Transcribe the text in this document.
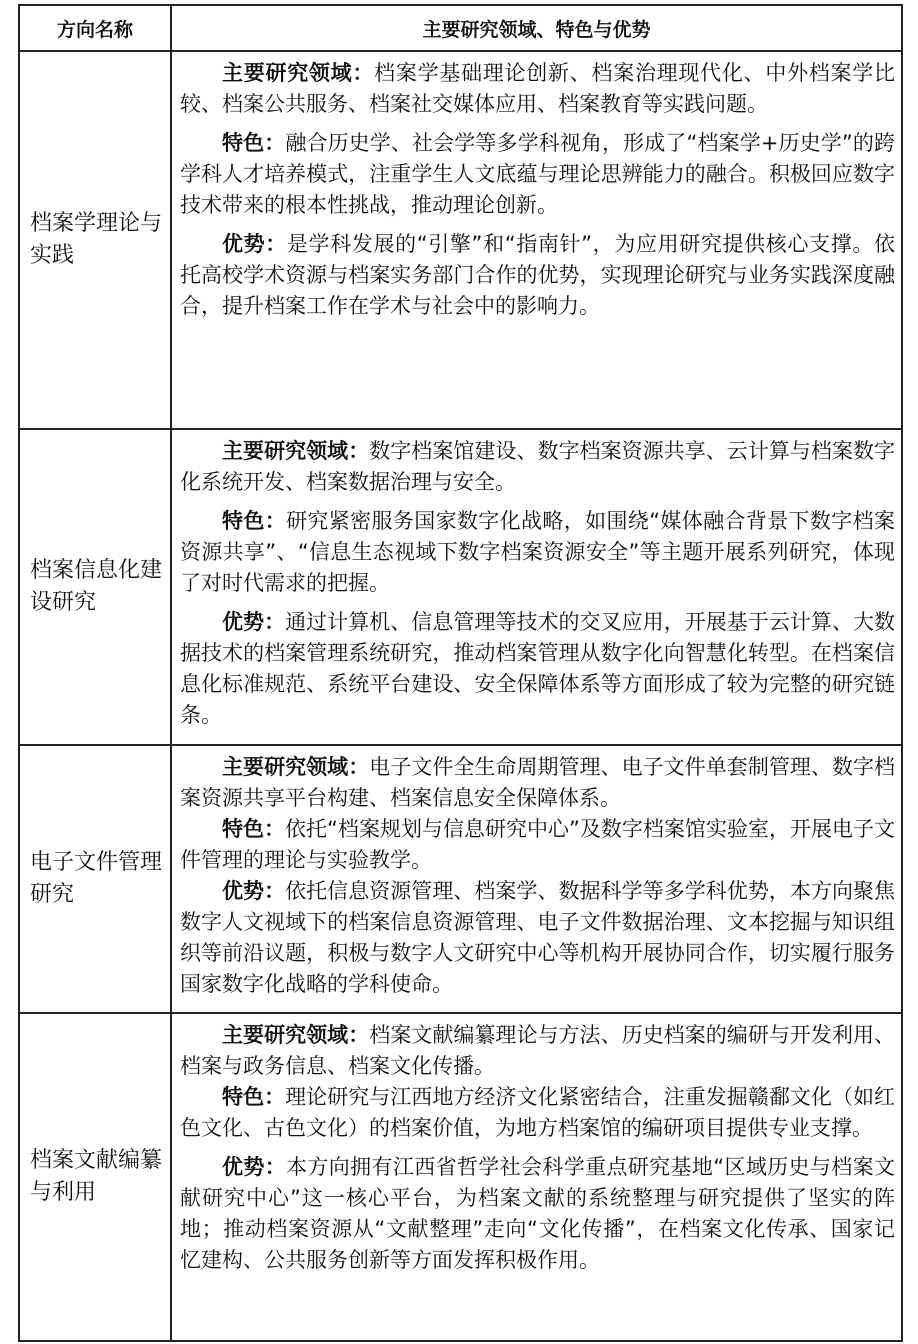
方向名称	主要研究领域、特色与优势
档案学理论与实践	主要研究领域：档案学基础理论创新、档案治理现代化、中外档案学比较、档案公共服务、档案社交媒体应用、档案教育等实践问题。

特色：融合历史学、社会学等多学科视角，形成了“档案学+历史学”的跨学科人才培养模式，注重学生人文底蕴与理论思辨能力的融合。积极回应数字技术带来的根本性挑战，推动理论创新。

优势：是学科发展的“引擎”和“指南针”，为应用研究提供核心支撑。依托高校学术资源与档案实务部门合作的优势，实现理论研究与业务实践深度融合，提升档案工作在学术与社会中的影响力。

档案信息化建设研究	主要研究领域：数字档案馆建设、数字档案资源共享、云计算与档案数字化系统开发、档案数据治理与安全。

特色：研究紧密服务国家数字化战略，如围绕“媒体融合背景下数字档案资源共享”、“信息生态视域下数字档案资源安全”等主题开展系列研究，体现了对时代需求的把握。

优势：通过计算机、信息管理等技术的交叉应用，开展基于云计算、大数据技术的档案管理系统研究，推动档案管理从数字化向智慧化转型。在档案信息化标准规范、系统平台建设、安全保障体系等方面形成了较为完整的研究链条。

电子文件管理研究	主要研究领域：电子文件全生命周期管理、电子文件单套制管理、数字档案资源共享平台构建、档案信息安全保障体系。

特色：依托“档案规划与信息研究中心”及数字档案馆实验室，开展电子文件管理的理论与实验教学。

优势：依托信息资源管理、档案学、数据科学等多学科优势，本方向聚焦数字人文视域下的档案信息资源管理、电子文件数据治理、文本挖掘与知识组织等前沿议题，积极与数字人文研究中心等机构开展协同合作，切实履行服务国家数字化战略的学科使命。

档案文献编纂与利用	主要研究领域：档案文献编纂理论与方法、历史档案的编研与开发利用、档案与政务信息、档案文化传播。

特色：理论研究与江西地方经济文化紧密结合，注重发掘赣鄱文化（如红色文化、古色文化）的档案价值，为地方档案馆的编研项目提供专业支撑。

优势：本方向拥有江西省哲学社会科学重点研究基地“区域历史与档案文献研究中心”这一核心平台，为档案文献的系统整理与研究提供了坚实的阵地；推动档案资源从“文献整理”走向“文化传播”，在档案文化传承、国家记忆建构、公共服务创新等方面发挥积极作用。
